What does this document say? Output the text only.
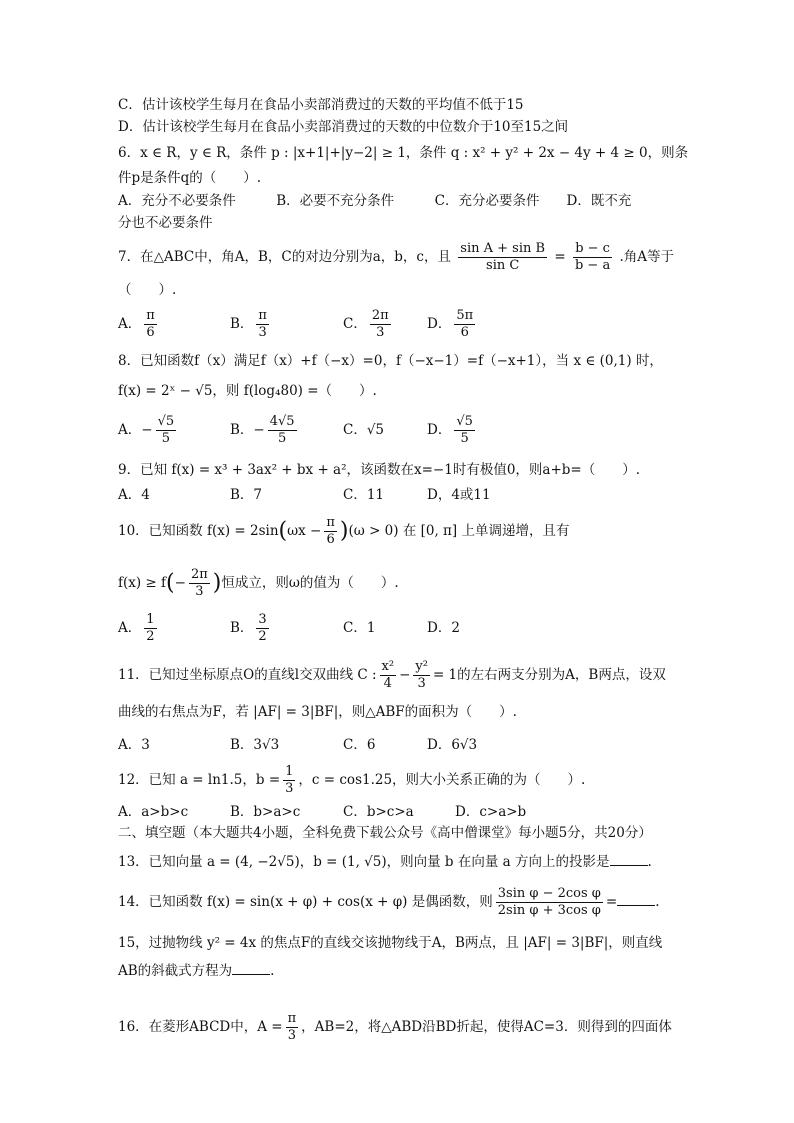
C．估计该校学生每月在食品小卖部消费过的天数的平均值不低于15
D．估计该校学生每月在食品小卖部消费过的天数的中位数介于10至15之间
6．x ∈ R，y ∈ R，条件 p : |x+1|+|y−2| ≥ 1，条件 q : x² + y² + 2x − 4y + 4 ≥ 0，则条
件p是条件q的（　　）.
A．充分不必要条件　　　B．必要不充分条件　　　C．充分必要条件　　D．既不充
分也不必要条件
7．在△ABC中，角A，B，C的对边分别为a，b，c，且 $\frac{\text{sin A + sin B}}{\text{sin C}} = \frac{b - c}{b - a}$ .角A等于
（　　）.
A． $\frac{\pi}{6}$	B． $\frac{\pi}{3}$	C． $\frac{2\pi}{3}$	D． $\frac{5\pi}{6}$
8．已知函数f（x）满足f（x）+f（−x）=0，f（−x−1）=f（−x+1），当 x ∈ (0,1) 时，
f(x) = 2ˣ − √5，则 f(log₄80) =（　　）.
A．− $\frac{√5}{5}$	B．− $\frac{4√5}{5}$	C．√5	D． $\frac{√5}{5}$
9．已知 f(x) = x³ + 3ax² + bx + a²，该函数在x=−1时有极值0，则a+b=（　　）.
A．4	B．7	C．11	D，4或11
10．已知函数 $f(x) = 2\sin(\omega x - \frac{\pi}{6} )(\omega > 0)$ 在 [0, π] 上单调递增，且有
$f(x) \ge f(- \frac{2\pi}{3}$ )恒成立，则ω的值为（　　）.
A． $\frac{1}{2}$	B． $\frac{3}{2}$	C．1	D．2
11．已知过坐标原点O的直线l交双曲线 C : $\frac{\text{x²}}{4} - \frac{\text{y²}}{3} = 1$的左右两支分别为A，B两点，设双
曲线的右焦点为F，若 |AF| = 3|BF|，则△ABF的面积为（　　）.
A．3	B．3√3	C．6	D．6√3
12．已知 a = ln1.5，$b = \frac{1}{3}$ ，c = cos1.25，则大小关系正确的为（　　）.
A．a>b>c	B．b>a>c	C．b>c>a	D．c>a>b
二、填空题（本大题共4小题，全科免费下载公众号《高中僧课堂》每小题5分，共20分）
13．已知向量 a = (4, −2√5)，b = (1, √5)，则向量 b 在向量 a 方向上的投影是	.
14．已知函数 f(x) = sin(x + φ) + cos(x + φ) 是偶函数，则 $\frac{\text{3sin φ − 2cos φ}}{\text{2sin φ + 3cos φ}}$ =	.
15，过抛物线 y² = 4x 的焦点F的直线交该抛物线于A，B两点，且 |AF| = 3|BF|，则直线
AB的斜截式方程为	.
16．在菱形ABCD中，$A = \frac{\pi}{3}$ ，AB=2，将△ABD沿BD折起，使得AC=3．则得到的四面体
